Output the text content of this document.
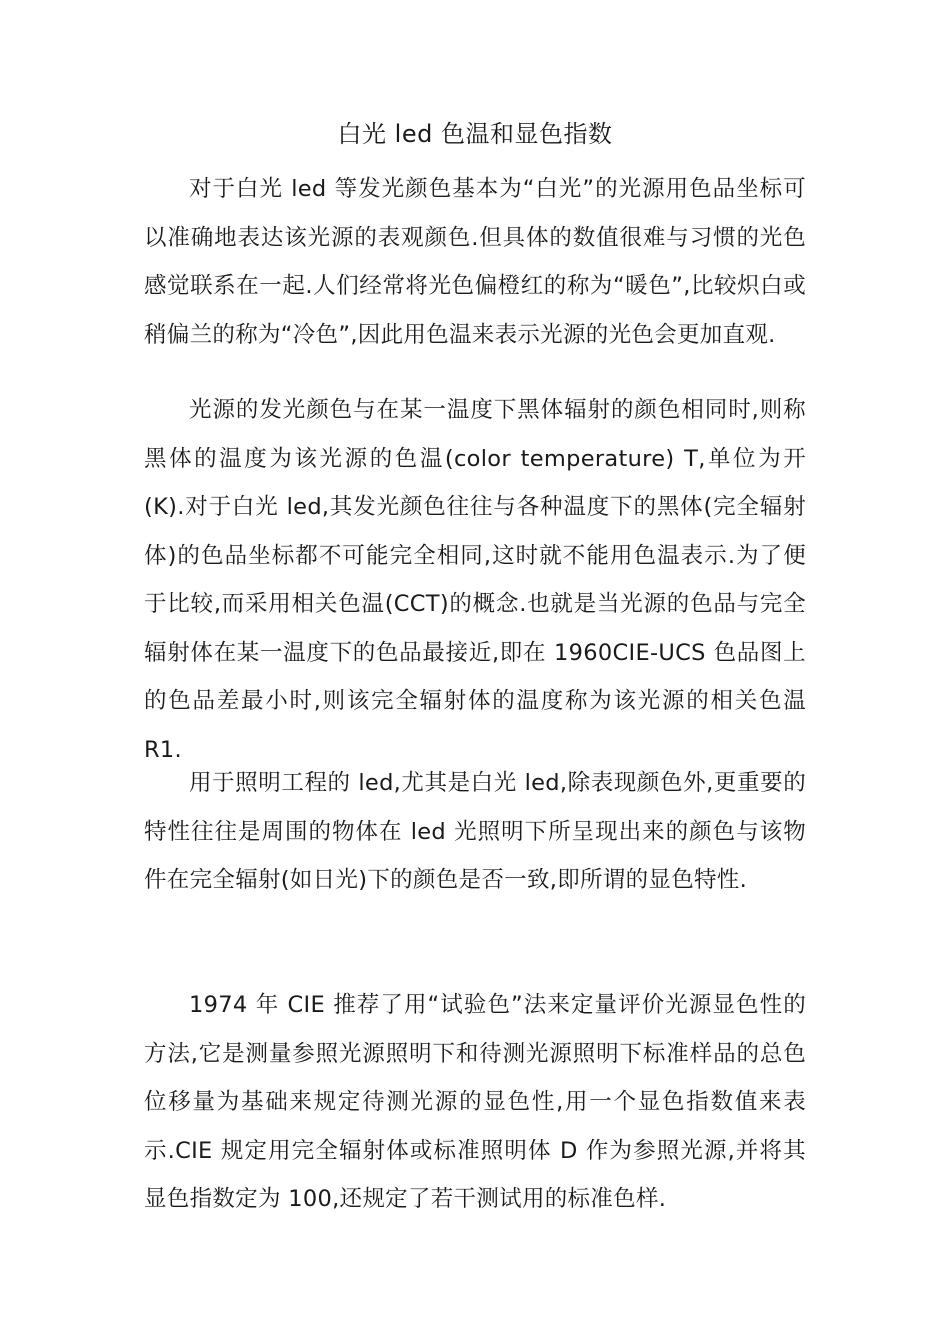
白光 led 色温和显色指数

对于白光 led 等发光颜色基本为“白光”的光源用色品坐标可以准确地表达该光源的表观颜色.但具体的数值很难与习惯的光色感觉联系在一起.人们经常将光色偏橙红的称为“暖色”,比较炽白或稍偏兰的称为“冷色”,因此用色温来表示光源的光色会更加直观.

光源的发光颜色与在某一温度下黑体辐射的颜色相同时,则称黑体的温度为该光源的色温(color temperature) T,单位为开 (K).对于白光 led,其发光颜色往往与各种温度下的黑体(完全辐射体)的色品坐标都不可能完全相同,这时就不能用色温表示.为了便于比较,而采用相关色温(CCT)的概念.也就是当光源的色品与完全辐射体在某一温度下的色品最接近,即在 1960CIE-UCS 色品图上的色品差最小时,则该完全辐射体的温度称为该光源的相关色温 R1.

用于照明工程的 led,尤其是白光 led,除表现颜色外,更重要的特性往往是周围的物体在 led 光照明下所呈现出来的颜色与该物件在完全辐射(如日光)下的颜色是否一致,即所谓的显色特性.

1974 年 CIE 推荐了用“试验色”法来定量评价光源显色性的方法,它是测量参照光源照明下和待测光源照明下标准样品的总色位移量为基础来规定待测光源的显色性,用一个显色指数值来表示.CIE 规定用完全辐射体或标准照明体 D 作为参照光源,并将其显色指数定为 100,还规定了若干测试用的标准色样.
